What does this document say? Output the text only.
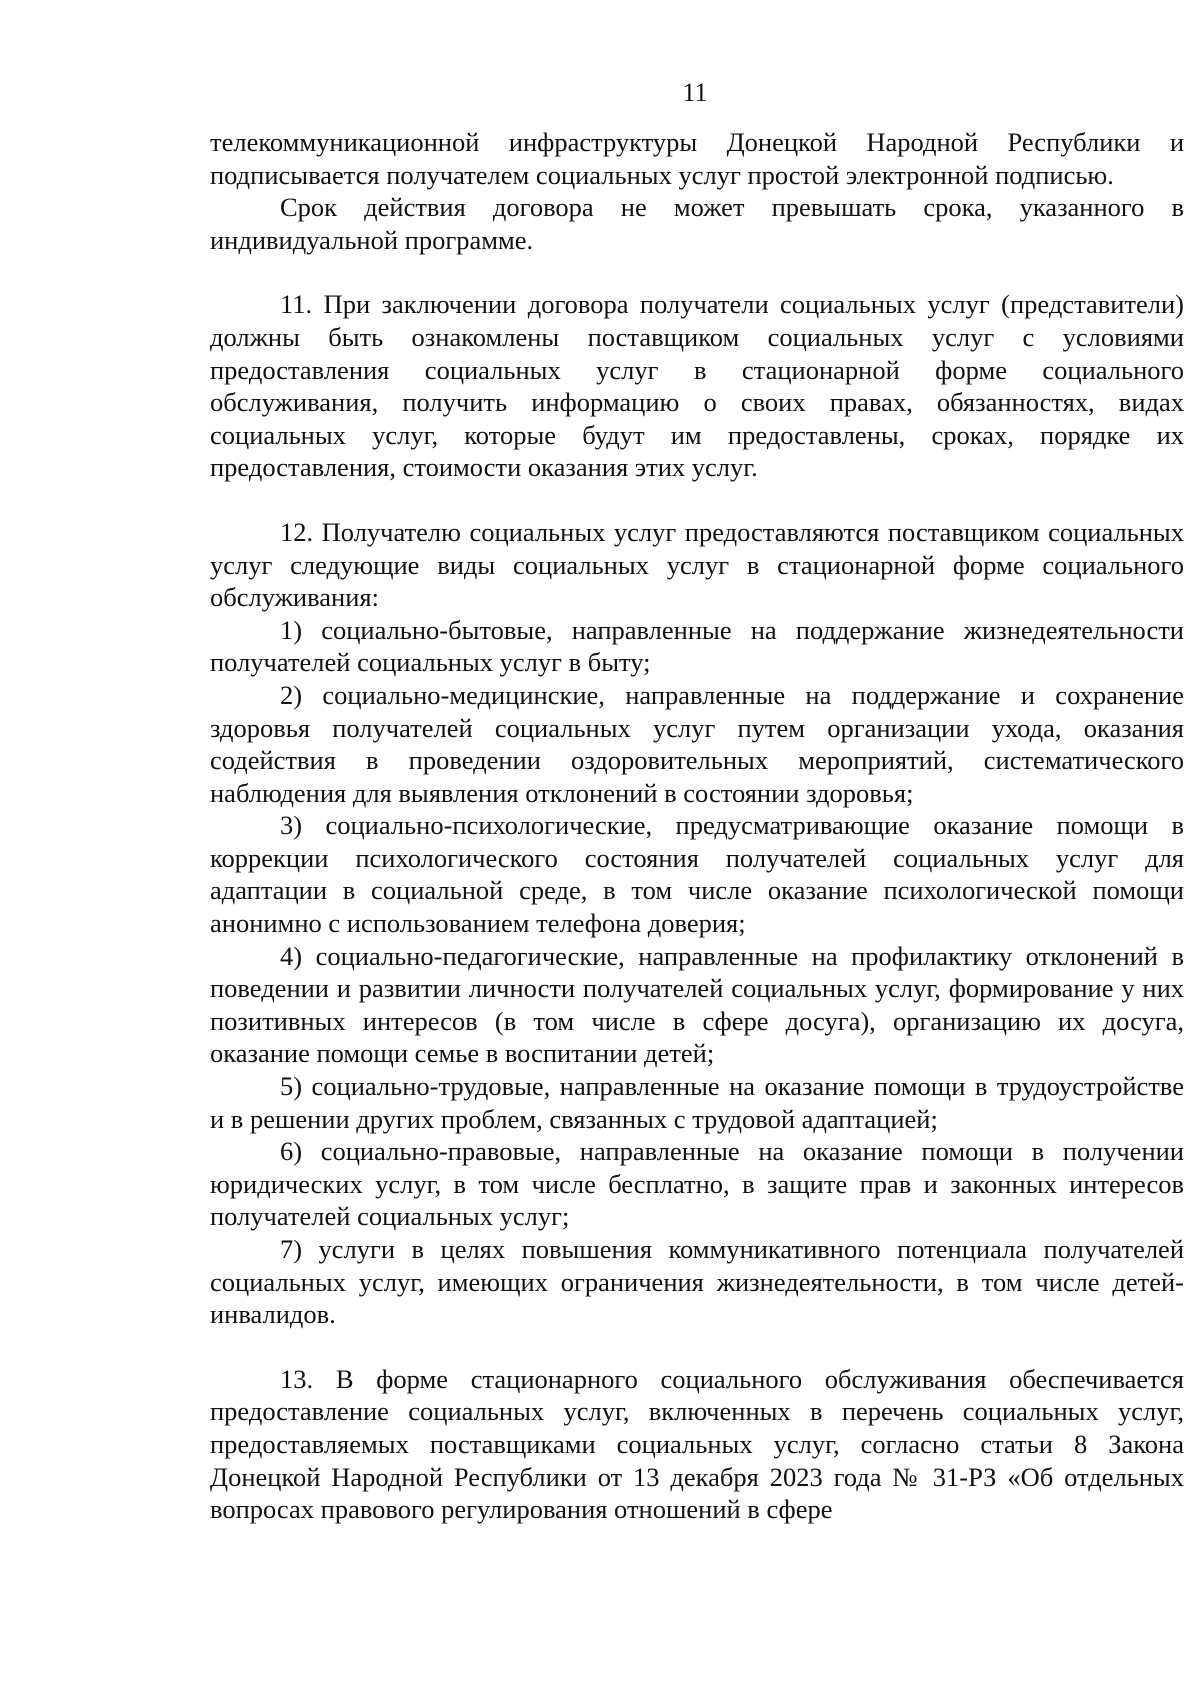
11

телекоммуникационной инфраструктуры Донецкой Народной Республики и подписывается получателем социальных услуг простой электронной подписью.

Срок действия договора не может превышать срока, указанного в индивидуальной программе.

11. При заключении договора получатели социальных услуг (представители) должны быть ознакомлены поставщиком социальных услуг с условиями предоставления социальных услуг в стационарной форме социального обслуживания, получить информацию о своих правах, обязанностях, видах социальных услуг, которые будут им предоставлены, сроках, порядке их предоставления, стоимости оказания этих услуг.

12. Получателю социальных услуг предоставляются поставщиком социальных услуг следующие виды социальных услуг в стационарной форме социального обслуживания:

1) социально-бытовые, направленные на поддержание жизнедеятельности получателей социальных услуг в быту;

2) социально-медицинские, направленные на поддержание и сохранение здоровья получателей социальных услуг путем организации ухода, оказания содействия в проведении оздоровительных мероприятий, систематического наблюдения для выявления отклонений в состоянии здоровья;

3) социально-психологические, предусматривающие оказание помощи в коррекции психологического состояния получателей социальных услуг для адаптации в социальной среде, в том числе оказание психологической помощи анонимно с использованием телефона доверия;

4) социально-педагогические, направленные на профилактику отклонений в поведении и развитии личности получателей социальных услуг, формирование у них позитивных интересов (в том числе в сфере досуга), организацию их досуга, оказание помощи семье в воспитании детей;

5) социально-трудовые, направленные на оказание помощи в трудоустройстве и в решении других проблем, связанных с трудовой адаптацией;

6) социально-правовые, направленные на оказание помощи в получении юридических услуг, в том числе бесплатно, в защите прав и законных интересов получателей социальных услуг;

7) услуги в целях повышения коммуникативного потенциала получателей социальных услуг, имеющих ограничения жизнедеятельности, в том числе детей-инвалидов.

13. В форме стационарного социального обслуживания обеспечивается предоставление социальных услуг, включенных в перечень социальных услуг, предоставляемых поставщиками социальных услуг, согласно статьи 8 Закона Донецкой Народной Республики от 13 декабря 2023 года № 31-РЗ «Об отдельных вопросах правового регулирования отношений в сфере
